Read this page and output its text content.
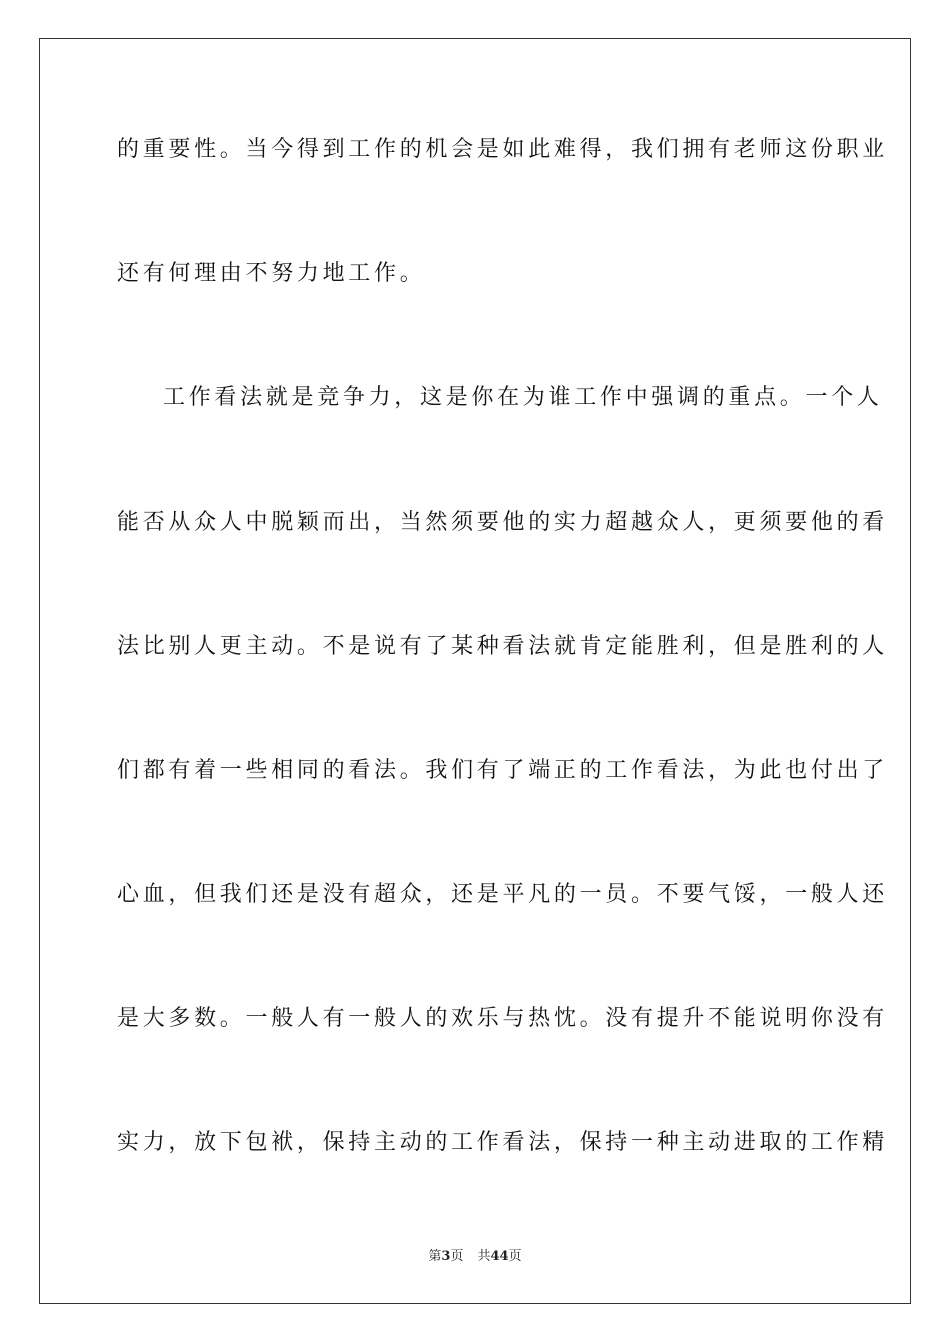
的重要性。当今得到工作的机会是如此难得，我们拥有老师这份职业
还有何理由不努力地工作。
工作看法就是竞争力，这是你在为谁工作中强调的重点。一个人
能否从众人中脱颖而出，当然须要他的实力超越众人，更须要他的看
法比别人更主动。不是说有了某种看法就肯定能胜利，但是胜利的人
们都有着一些相同的看法。我们有了端正的工作看法，为此也付出了
心血，但我们还是没有超众，还是平凡的一员。不要气馁，一般人还
是大多数。一般人有一般人的欢乐与热忱。没有提升不能说明你没有
实力，放下包袱，保持主动的工作看法，保持一种主动进取的工作精
第3页 共44页
